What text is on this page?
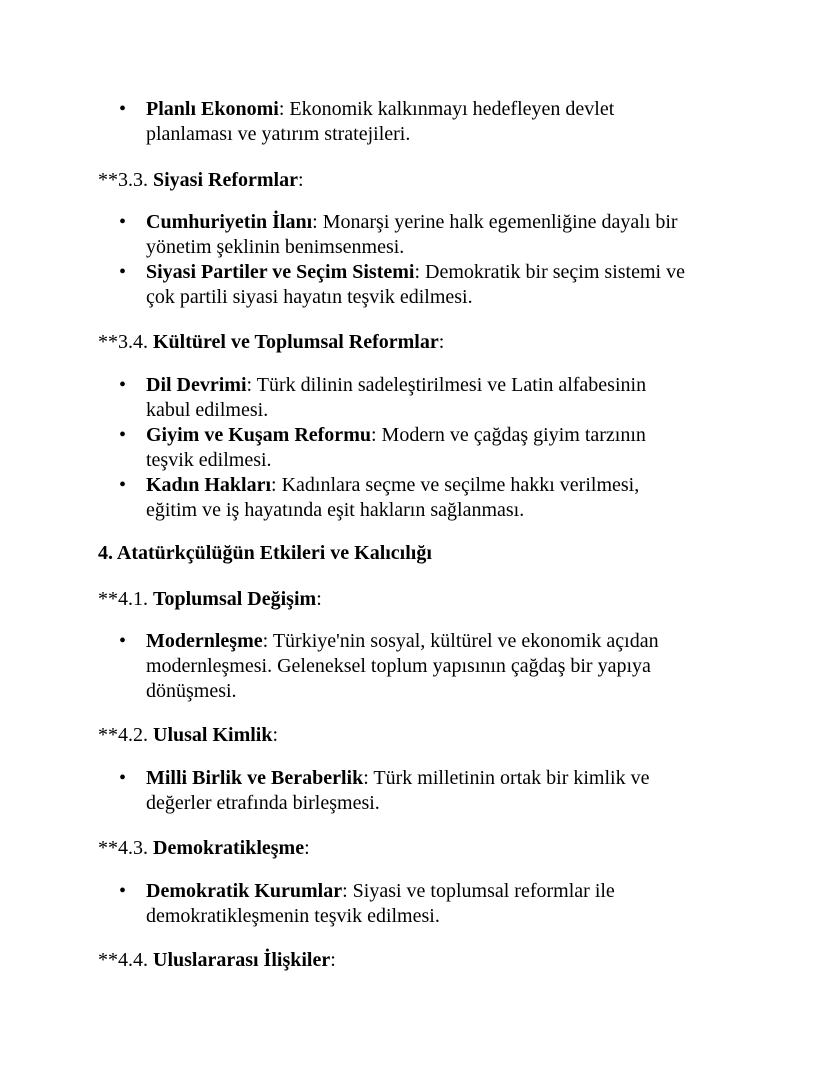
• Planlı Ekonomi: Ekonomik kalkınmayı hedefleyen devlet
planlaması ve yatırım stratejileri.

**3.3. Siyasi Reformlar:

• Cumhuriyetin İlanı: Monarşi yerine halk egemenliğine dayalı bir
yönetim şeklinin benimsenmesi.
• Siyasi Partiler ve Seçim Sistemi: Demokratik bir seçim sistemi ve
çok partili siyasi hayatın teşvik edilmesi.

**3.4. Kültürel ve Toplumsal Reformlar:

• Dil Devrimi: Türk dilinin sadeleştirilmesi ve Latin alfabesinin
kabul edilmesi.
• Giyim ve Kuşam Reformu: Modern ve çağdaş giyim tarzının
teşvik edilmesi.
• Kadın Hakları: Kadınlara seçme ve seçilme hakkı verilmesi,
eğitim ve iş hayatında eşit hakların sağlanması.

4. Atatürkçülüğün Etkileri ve Kalıcılığı

**4.1. Toplumsal Değişim:

• Modernleşme: Türkiye'nin sosyal, kültürel ve ekonomik açıdan
modernleşmesi. Geleneksel toplum yapısının çağdaş bir yapıya
dönüşmesi.

**4.2. Ulusal Kimlik:

• Milli Birlik ve Beraberlik: Türk milletinin ortak bir kimlik ve
değerler etrafında birleşmesi.

**4.3. Demokratikleşme:

• Demokratik Kurumlar: Siyasi ve toplumsal reformlar ile
demokratikleşmenin teşvik edilmesi.

**4.4. Uluslararası İlişkiler:
